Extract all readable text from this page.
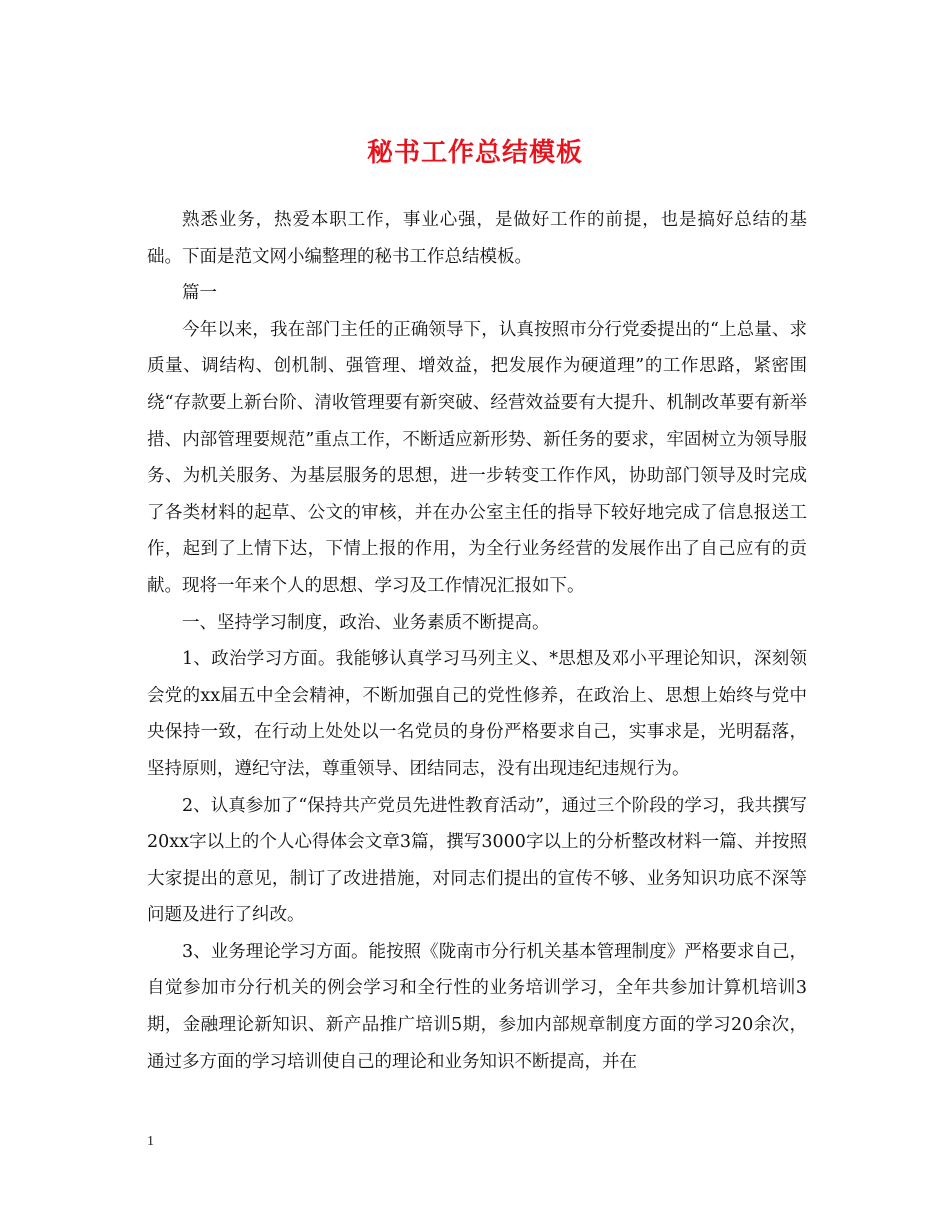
秘书工作总结模板

熟悉业务，热爱本职工作，事业心强，是做好工作的前提，也是搞好总结的基础。下面是范文网小编整理的秘书工作总结模板。

篇一

今年以来，我在部门主任的正确领导下，认真按照市分行党委提出的“上总量、求质量、调结构、创机制、强管理、增效益，把发展作为硬道理”的工作思路，紧密围绕“存款要上新台阶、清收管理要有新突破、经营效益要有大提升、机制改革要有新举措、内部管理要规范”重点工作，不断适应新形势、新任务的要求，牢固树立为领导服务、为机关服务、为基层服务的思想，进一步转变工作作风，协助部门领导及时完成了各类材料的起草、公文的审核，并在办公室主任的指导下较好地完成了信息报送工作，起到了上情下达，下情上报的作用，为全行业务经营的发展作出了自己应有的贡献。现将一年来个人的思想、学习及工作情况汇报如下。

一、坚持学习制度，政治、业务素质不断提高。

1、政治学习方面。我能够认真学习马列主义、*思想及邓小平理论知识，深刻领会党的xx届五中全会精神，不断加强自己的党性修养，在政治上、思想上始终与党中央保持一致，在行动上处处以一名党员的身份严格要求自己，实事求是，光明磊落，坚持原则，遵纪守法，尊重领导、团结同志，没有出现违纪违规行为。

2、认真参加了“保持共产党员先进性教育活动”，通过三个阶段的学习，我共撰写20xx字以上的个人心得体会文章3篇，撰写3000字以上的分析整改材料一篇、并按照大家提出的意见，制订了改进措施，对同志们提出的宣传不够、业务知识功底不深等问题及进行了纠改。

3、业务理论学习方面。能按照《陇南市分行机关基本管理制度》严格要求自己，自觉参加市分行机关的例会学习和全行性的业务培训学习，全年共参加计算机培训3期，金融理论新知识、新产品推广培训5期，参加内部规章制度方面的学习20余次，通过多方面的学习培训使自己的理论和业务知识不断提高，并在

1
